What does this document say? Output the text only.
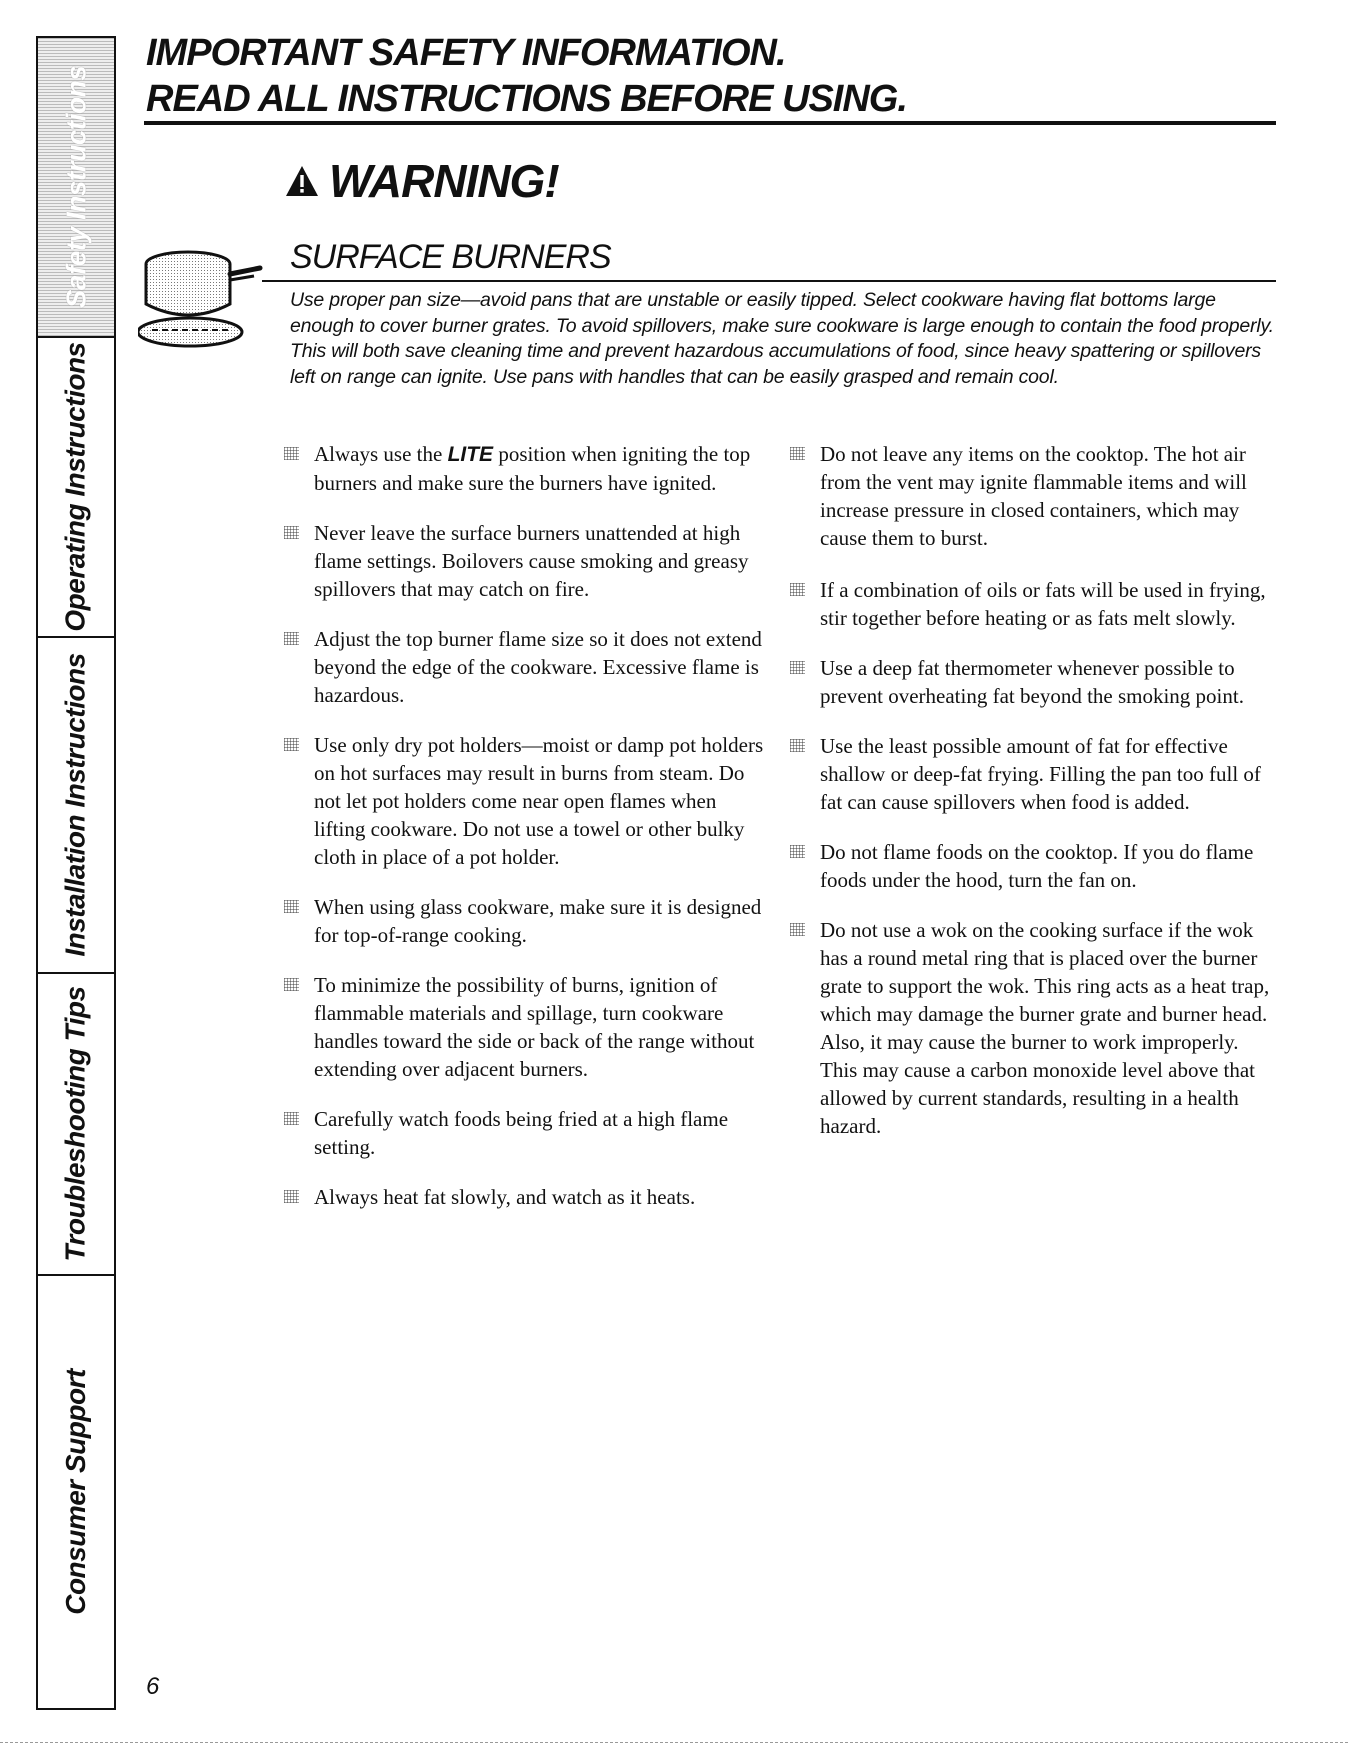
Safety Instructions
Operating Instructions
Installation Instructions
Troubleshooting Tips
Consumer Support

IMPORTANT SAFETY INFORMATION.

READ ALL INSTRUCTIONS BEFORE USING.

WARNING!
SURFACE BURNERS

Use proper pan size—avoid pans that are unstable or easily tipped. Select cookware having flat bottoms large enough to cover burner grates. To avoid spillovers, make sure cookware is large enough to contain the food properly. This will both save cleaning time and prevent hazardous accumulations of food, since heavy spattering or spillovers left on range can ignite. Use pans with handles that can be easily grasped and remain cool.

Always use the LITE position when igniting the top burners and make sure the burners have ignited.
Never leave the surface burners unattended at high flame settings. Boilovers cause smoking and greasy spillovers that may catch on fire.
Adjust the top burner flame size so it does not extend beyond the edge of the cookware. Excessive flame is hazardous.
Use only dry pot holders—moist or damp pot holders on hot surfaces may result in burns from steam. Do not let pot holders come near open flames when lifting cookware. Do not use a towel or other bulky cloth in place of a pot holder.
When using glass cookware, make sure it is designed for top-of-range cooking.
To minimize the possibility of burns, ignition of flammable materials and spillage, turn cookware handles toward the side or back of the range without extending over adjacent burners.
Carefully watch foods being fried at a high flame setting.
Always heat fat slowly, and watch as it heats.
Do not leave any items on the cooktop. The hot air from the vent may ignite flammable items and will increase pressure in closed containers, which may cause them to burst.
If a combination of oils or fats will be used in frying, stir together before heating or as fats melt slowly.
Use a deep fat thermometer whenever possible to prevent overheating fat beyond the smoking point.
Use the least possible amount of fat for effective shallow or deep-fat frying. Filling the pan too full of fat can cause spillovers when food is added.
Do not flame foods on the cooktop. If you do flame foods under the hood, turn the fan on.
Do not use a wok on the cooking surface if the wok has a round metal ring that is placed over the burner grate to support the wok. This ring acts as a heat trap, which may damage the burner grate and burner head. Also, it may cause the burner to work improperly. This may cause a carbon monoxide level above that allowed by current standards, resulting in a health hazard.
6
